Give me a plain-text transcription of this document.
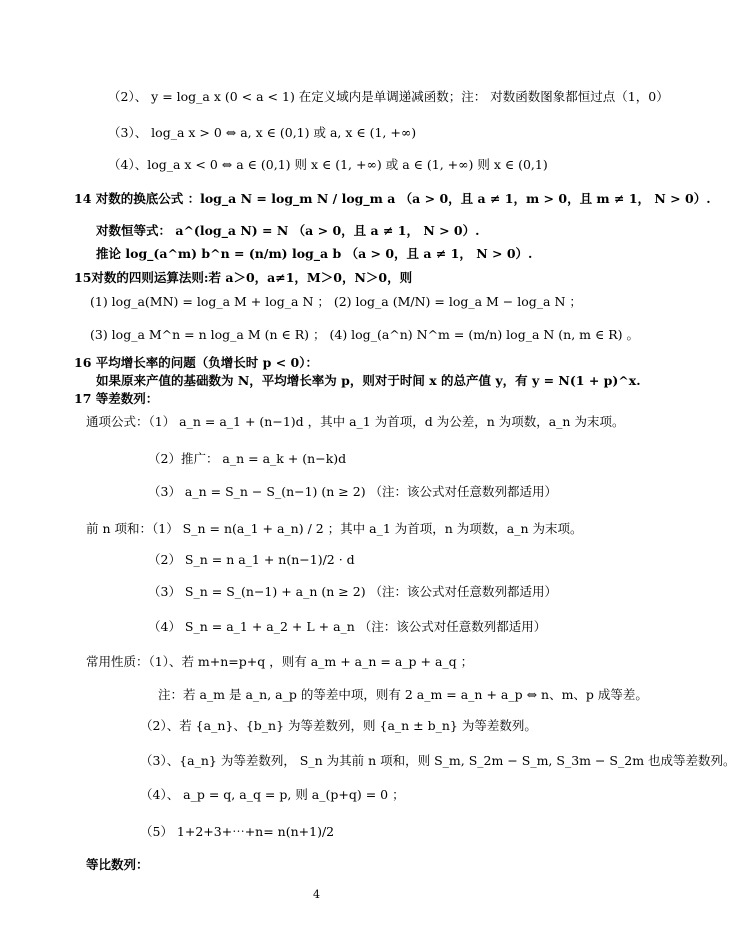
（2）、 y = log_a x (0 < a < 1) 在定义域内是单调递减函数；注： 对数函数图象都恒过点（1，0）
（3）、 log_a x > 0 ⇔ a, x ∈ (0,1) 或 a, x ∈ (1, +∞)
（4）、log_a x < 0 ⇔ a ∈ (0,1) 则 x ∈ (1, +∞) 或 a ∈ (1, +∞) 则 x ∈ (0,1)
14 对数的换底公式 ：log_a N = log_m N / log_m a （a > 0，且 a ≠ 1，m > 0，且 m ≠ 1， N > 0）.
对数恒等式： a^(log_a N) = N （a > 0，且 a ≠ 1， N > 0）.
推论 log_(a^m) b^n = (n/m) log_a b （a > 0，且 a ≠ 1， N > 0）.
15对数的四则运算法则:若 a＞0，a≠1，M＞0，N＞0，则
(1) log_a(MN) = log_a M + log_a N ； (2) log_a (M/N) = log_a M − log_a N ；
(3) log_a M^n = n log_a M (n ∈ R) ； (4) log_(a^n) N^m = (m/n) log_a N (n, m ∈ R) 。
16 平均增长率的问题（负增长时 p < 0）：
如果原来产值的基础数为 N，平均增长率为 p，则对于时间 x 的总产值 y，有 y = N(1 + p)^x.
17 等差数列：
通项公式：（1） a_n = a_1 + (n−1)d ，其中 a_1 为首项，d 为公差，n 为项数，a_n 为末项。
（2）推广： a_n = a_k + (n−k)d
（3） a_n = S_n − S_(n−1) (n ≥ 2) （注：该公式对任意数列都适用）
前 n 项和：（1） S_n = n(a_1 + a_n) / 2 ；其中 a_1 为首项，n 为项数，a_n 为末项。
（2） S_n = n a_1 + n(n−1)/2 · d
（3） S_n = S_(n−1) + a_n (n ≥ 2) （注：该公式对任意数列都适用）
（4） S_n = a_1 + a_2 + L + a_n （注：该公式对任意数列都适用）
常用性质：（1）、若 m+n=p+q ，则有 a_m + a_n = a_p + a_q ；
注：若 a_m 是 a_n, a_p 的等差中项，则有 2 a_m = a_n + a_p ⇔ n、m、p 成等差。
（2）、若 {a_n}、{b_n} 为等差数列，则 {a_n ± b_n} 为等差数列。
（3）、{a_n} 为等差数列， S_n 为其前 n 项和，则 S_m, S_2m − S_m, S_3m − S_2m 也成等差数列。
（4）、 a_p = q, a_q = p, 则 a_(p+q) = 0 ；
（5） 1+2+3+⋯+n= n(n+1)/2
等比数列：
4
